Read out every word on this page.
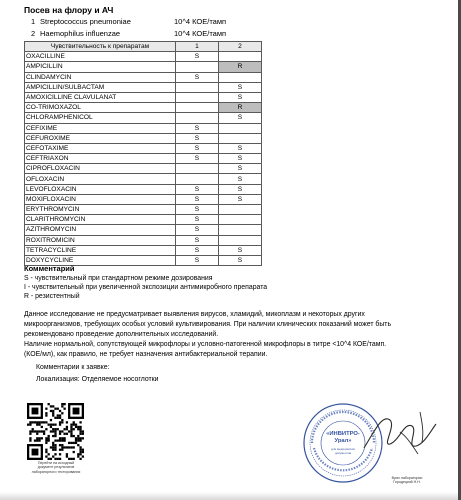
Посев на флору и АЧ
1 Streptococcus pneumoniae	10^4 КОЕ/тамп
2 Haemophilus influenzae	10^4 КОЕ/тамп
Чувствительность к препаратам	1	2
OXACILLINE	S	
AMPICILLIN		R
CLINDAMYCIN	S	
AMPICILLIN/SULBACTAM		S
AMOXICILLINE CLAVULANAT		S
CO-TRIMOXAZOL		R
CHLORAMPHENICOL		S
CEFIXIME	S	
CEFUROXIME	S	
CEFOTAXIME	S	S
CEFTRIAXON	S	S
CIPROFLOXACIN		S
OFLOXACIN		S
LEVOFLOXACIN	S	S
MOXIFLOXACIN	S	S
ERYTHROMYCIN	S	
CLARITHROMYCIN	S	
AZITHROMYCIN	S	
ROXITROMICIN	S	
TETRACYCLINE	S	S
DOXYCYCLINE	S	S
Комментарий
S - чувствительный при стандартном режиме дозирования
I - чувствительный при увеличенной экспозиции антимикробного препарата
R - резистентный
Данное исследование не предусматривает выявления вирусов, хламидий, микоплазм и некоторых других
микроорганизмов, требующих особых условий культивирования. При наличии клинических показаний может быть
рекомендовано проведение дополнительных исследований.
Наличие нормальной, сопутствующей микрофлоры и условно-патогенной микрофлоры в титре <10^4 КОЕ/тамп.
(КОЕ/мл), как правило, не требует назначения антибактериальной терапии.
Комментарии к заявке:
Локализация: Отделяемое носоглотки
Перейти на исходный
документ результатов
лабораторного тестирования
«ИНВИТРО-
Урал»
для медицинских
документов
Врач лаборатории
Городецкий Н.Н.
